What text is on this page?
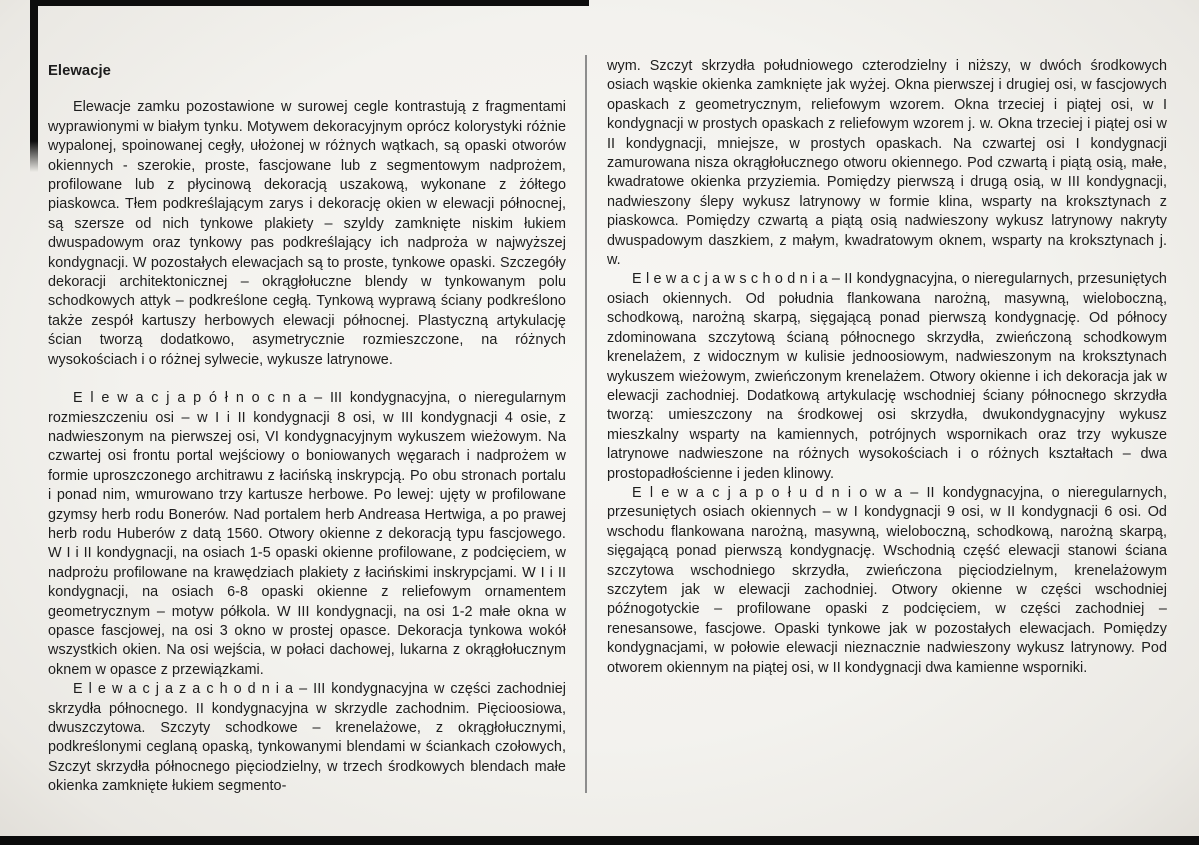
Elewacje

Elewacje zamku pozostawione w surowej cegle kontrastują z fragmentami wyprawionymi w białym tynku. Motywem dekoracyjnym oprócz kolorystyki różnie wypalonej, spoinowanej cegły, ułożonej w różnych wątkach, są opaski otworów okiennych - szerokie, proste, fascjowane lub z segmentowym nadprożem, profilowane lub z płycinową dekoracją uszakową, wykonane z żółtego piaskowca. Tłem podkreślającym zarys i dekorację okien w elewacji północnej, są szersze od nich tynkowe plakiety – szyldy zamknięte niskim łukiem dwuspadowym oraz tynkowy pas podkreślający ich nadproża w najwyższej kondygnacji. W pozostałych elewacjach są to proste, tynkowe opaski. Szczegóły dekoracji architektonicznej – okrągłołuczne blendy w tynkowanym polu schodkowych attyk – podkreślone cegłą. Tynkową wyprawą ściany podkreślono także zespół kartuszy herbowych elewacji północnej. Plastyczną artykulację ścian tworzą dodatkowo, asymetrycznie rozmieszczone, na różnych wysokościach i o różnej sylwecie, wykusze latrynowe.

E l e w a c j a p ó ł n o c n a – III kondygnacyjna, o nieregularnym rozmieszczeniu osi – w I i II kondygnacji 8 osi, w III kondygnacji 4 osie, z nadwieszonym na pierwszej osi, VI kondygnacyjnym wykuszem wieżowym. Na czwartej osi frontu portal wejściowy o boniowanych węgarach i nadprożem w formie uproszczonego architrawu z łacińską inskrypcją. Po obu stronach portalu i ponad nim, wmurowano trzy kartusze herbowe. Po lewej: ujęty w profilowane gzymsy herb rodu Bonerów. Nad portalem herb Andreasa Hertwiga, a po prawej herb rodu Huberów z datą 1560. Otwory okienne z dekoracją typu fascjowego. W I i II kondygnacji, na osiach 1-5 opaski okienne profilowane, z podcięciem, w nadprożu profilowane na krawędziach plakiety z łacińskimi inskrypcjami. W I i II kondygnacji, na osiach 6-8 opaski okienne z reliefowym ornamentem geometrycznym – motyw półkola. W III kondygnacji, na osi 1-2 małe okna w opasce fascjowej, na osi 3 okno w prostej opasce. Dekoracja tynkowa wokół wszystkich okien. Na osi wejścia, w połaci dachowej, lukarna z okrągłołucznym oknem w opasce z przewiązkami.

E l e w a c j a z a c h o d n i a – III kondygnacyjna w części zachodniej skrzydła północnego. II kondygnacyjna w skrzydle zachodnim. Pięcioosiowa, dwuszczytowa. Szczyty schodkowe – krenelażowe, z okrągłołucznymi, podkreślonymi ceglaną opaską, tynkowanymi blendami w ściankach czołowych, Szczyt skrzydła północnego pięciodzielny, w trzech środkowych blendach małe okienka zamknięte łukiem segmento-

wym. Szczyt skrzydła południowego czterodzielny i niższy, w dwóch środkowych osiach wąskie okienka zamknięte jak wyżej. Okna pierwszej i drugiej osi, w fascjowych opaskach z geometrycznym, reliefowym wzorem. Okna trzeciej i piątej osi, w I kondygnacji w prostych opaskach z reliefowym wzorem j. w. Okna trzeciej i piątej osi w II kondygnacji, mniejsze, w prostych opaskach. Na czwartej osi I kondygnacji zamurowana nisza okrągłołucznego otworu okiennego. Pod czwartą i piątą osią, małe, kwadratowe okienka przyziemia. Pomiędzy pierwszą i drugą osią, w III kondygnacji, nadwieszony ślepy wykusz latrynowy w formie klina, wsparty na kroksztynach z piaskowca. Pomiędzy czwartą a piątą osią nadwieszony wykusz latrynowy nakryty dwuspadowym daszkiem, z małym, kwadratowym oknem, wsparty na kroksztynach j. w.

E l e w a c j a w s c h o d n i a – II kondygnacyjna, o nieregularnych, przesuniętych osiach okiennych. Od południa flankowana narożną, masywną, wieloboczną, schodkową, narożną skarpą, sięgającą ponad pierwszą kondygnację. Od północy zdominowana szczytową ścianą północnego skrzydła, zwieńczoną schodkowym krenelażem, z widocznym w kulisie jednoosiowym, nadwieszonym na kroksztynach wykuszem wieżowym, zwieńczonym krenelażem. Otwory okienne i ich dekoracja jak w elewacji zachodniej. Dodatkową artykulację wschodniej ściany północnego skrzydła tworzą: umieszczony na środkowej osi skrzydła, dwukondygnacyjny wykusz mieszkalny wsparty na kamiennych, potrójnych wspornikach oraz trzy wykusze latrynowe nadwieszone na różnych wysokościach i o różnych kształtach – dwa prostopadłościenne i jeden klinowy.

E l e w a c j a p o ł u d n i o w a – II kondygnacyjna, o nieregularnych, przesuniętych osiach okiennych – w I kondygnacji 9 osi, w II kondygnacji 6 osi. Od wschodu flankowana narożną, masywną, wieloboczną, schodkową, narożną skarpą, sięgającą ponad pierwszą kondygnację. Wschodnią część elewacji stanowi ściana szczytowa wschodniego skrzydła, zwieńczona pięciodzielnym, krenelażowym szczytem jak w elewacji zachodniej. Otwory okienne w części wschodniej późnogotyckie – profilowane opaski z podcięciem, w części zachodniej – renesansowe, fascjowe. Opaski tynkowe jak w pozostałych elewacjach. Pomiędzy kondygnacjami, w połowie elewacji nieznacznie nadwieszony wykusz latrynowy. Pod otworem okiennym na piątej osi, w II kondygnacji dwa kamienne wsporniki.
